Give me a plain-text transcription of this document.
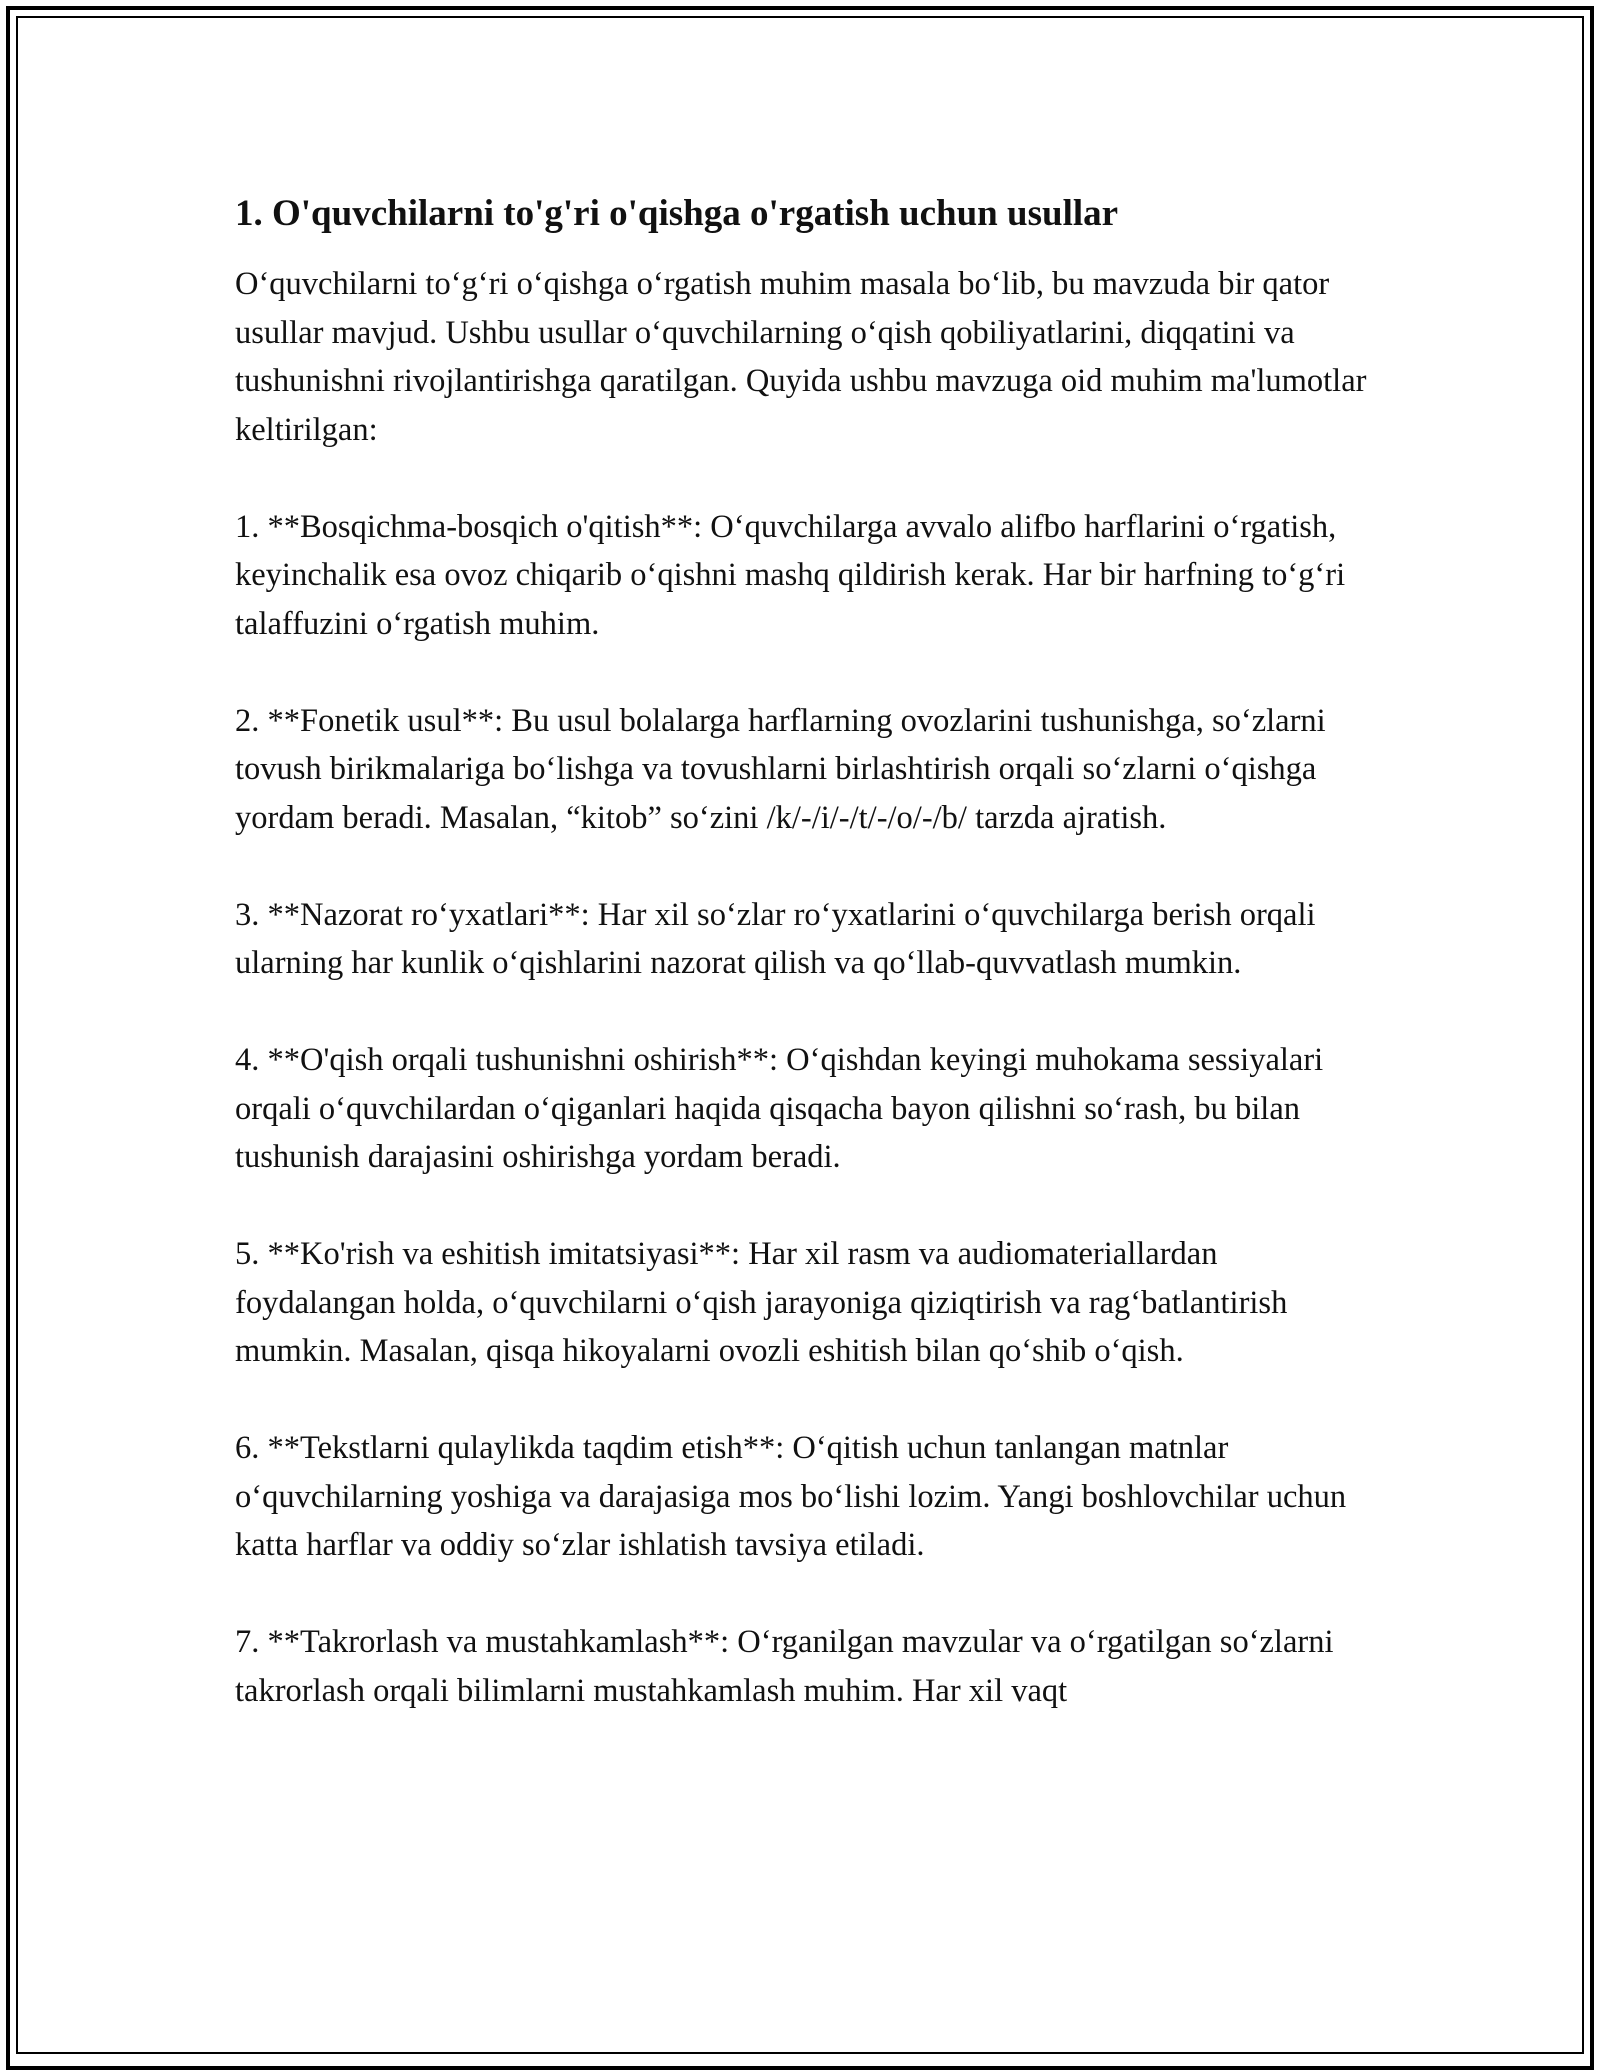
1. O'quvchilarni to'g'ri o'qishga o'rgatish uchun usullar

O‘quvchilarni to‘g‘ri o‘qishga o‘rgatish muhim masala bo‘lib, bu mavzuda bir qator usullar mavjud. Ushbu usullar o‘quvchilarning o‘qish qobiliyatlarini, diqqatini va tushunishni rivojlantirishga qaratilgan. Quyida ushbu mavzuga oid muhim ma'lumotlar keltirilgan:

1. **Bosqichma-bosqich o'qitish**: O‘quvchilarga avvalo alifbo harflarini o‘rgatish, keyinchalik esa ovoz chiqarib o‘qishni mashq qildirish kerak. Har bir harfning to‘g‘ri talaffuzini o‘rgatish muhim.

2. **Fonetik usul**: Bu usul bolalarga harflarning ovozlarini tushunishga, so‘zlarni tovush birikmalariga bo‘lishga va tovushlarni birlashtirish orqali so‘zlarni o‘qishga yordam beradi. Masalan, “kitob” so‘zini /k/-/i/-/t/-/o/-/b/ tarzda ajratish.

3. **Nazorat ro‘yxatlari**: Har xil so‘zlar ro‘yxatlarini o‘quvchilarga berish orqali ularning har kunlik o‘qishlarini nazorat qilish va qo‘llab-quvvatlash mumkin.

4. **O'qish orqali tushunishni oshirish**: O‘qishdan keyingi muhokama sessiyalari orqali o‘quvchilardan o‘qiganlari haqida qisqacha bayon qilishni so‘rash, bu bilan tushunish darajasini oshirishga yordam beradi.

5. **Ko'rish va eshitish imitatsiyasi**: Har xil rasm va audiomateriallardan foydalangan holda, o‘quvchilarni o‘qish jarayoniga qiziqtirish va rag‘batlantirish mumkin. Masalan, qisqa hikoyalarni ovozli eshitish bilan qo‘shib o‘qish.

6. **Tekstlarni qulaylikda taqdim etish**: O‘qitish uchun tanlangan matnlar o‘quvchilarning yoshiga va darajasiga mos bo‘lishi lozim. Yangi boshlovchilar uchun katta harflar va oddiy so‘zlar ishlatish tavsiya etiladi.

7. **Takrorlash va mustahkamlash**: O‘rganilgan mavzular va o‘rgatilgan so‘zlarni takrorlash orqali bilimlarni mustahkamlash muhim. Har xil vaqt
